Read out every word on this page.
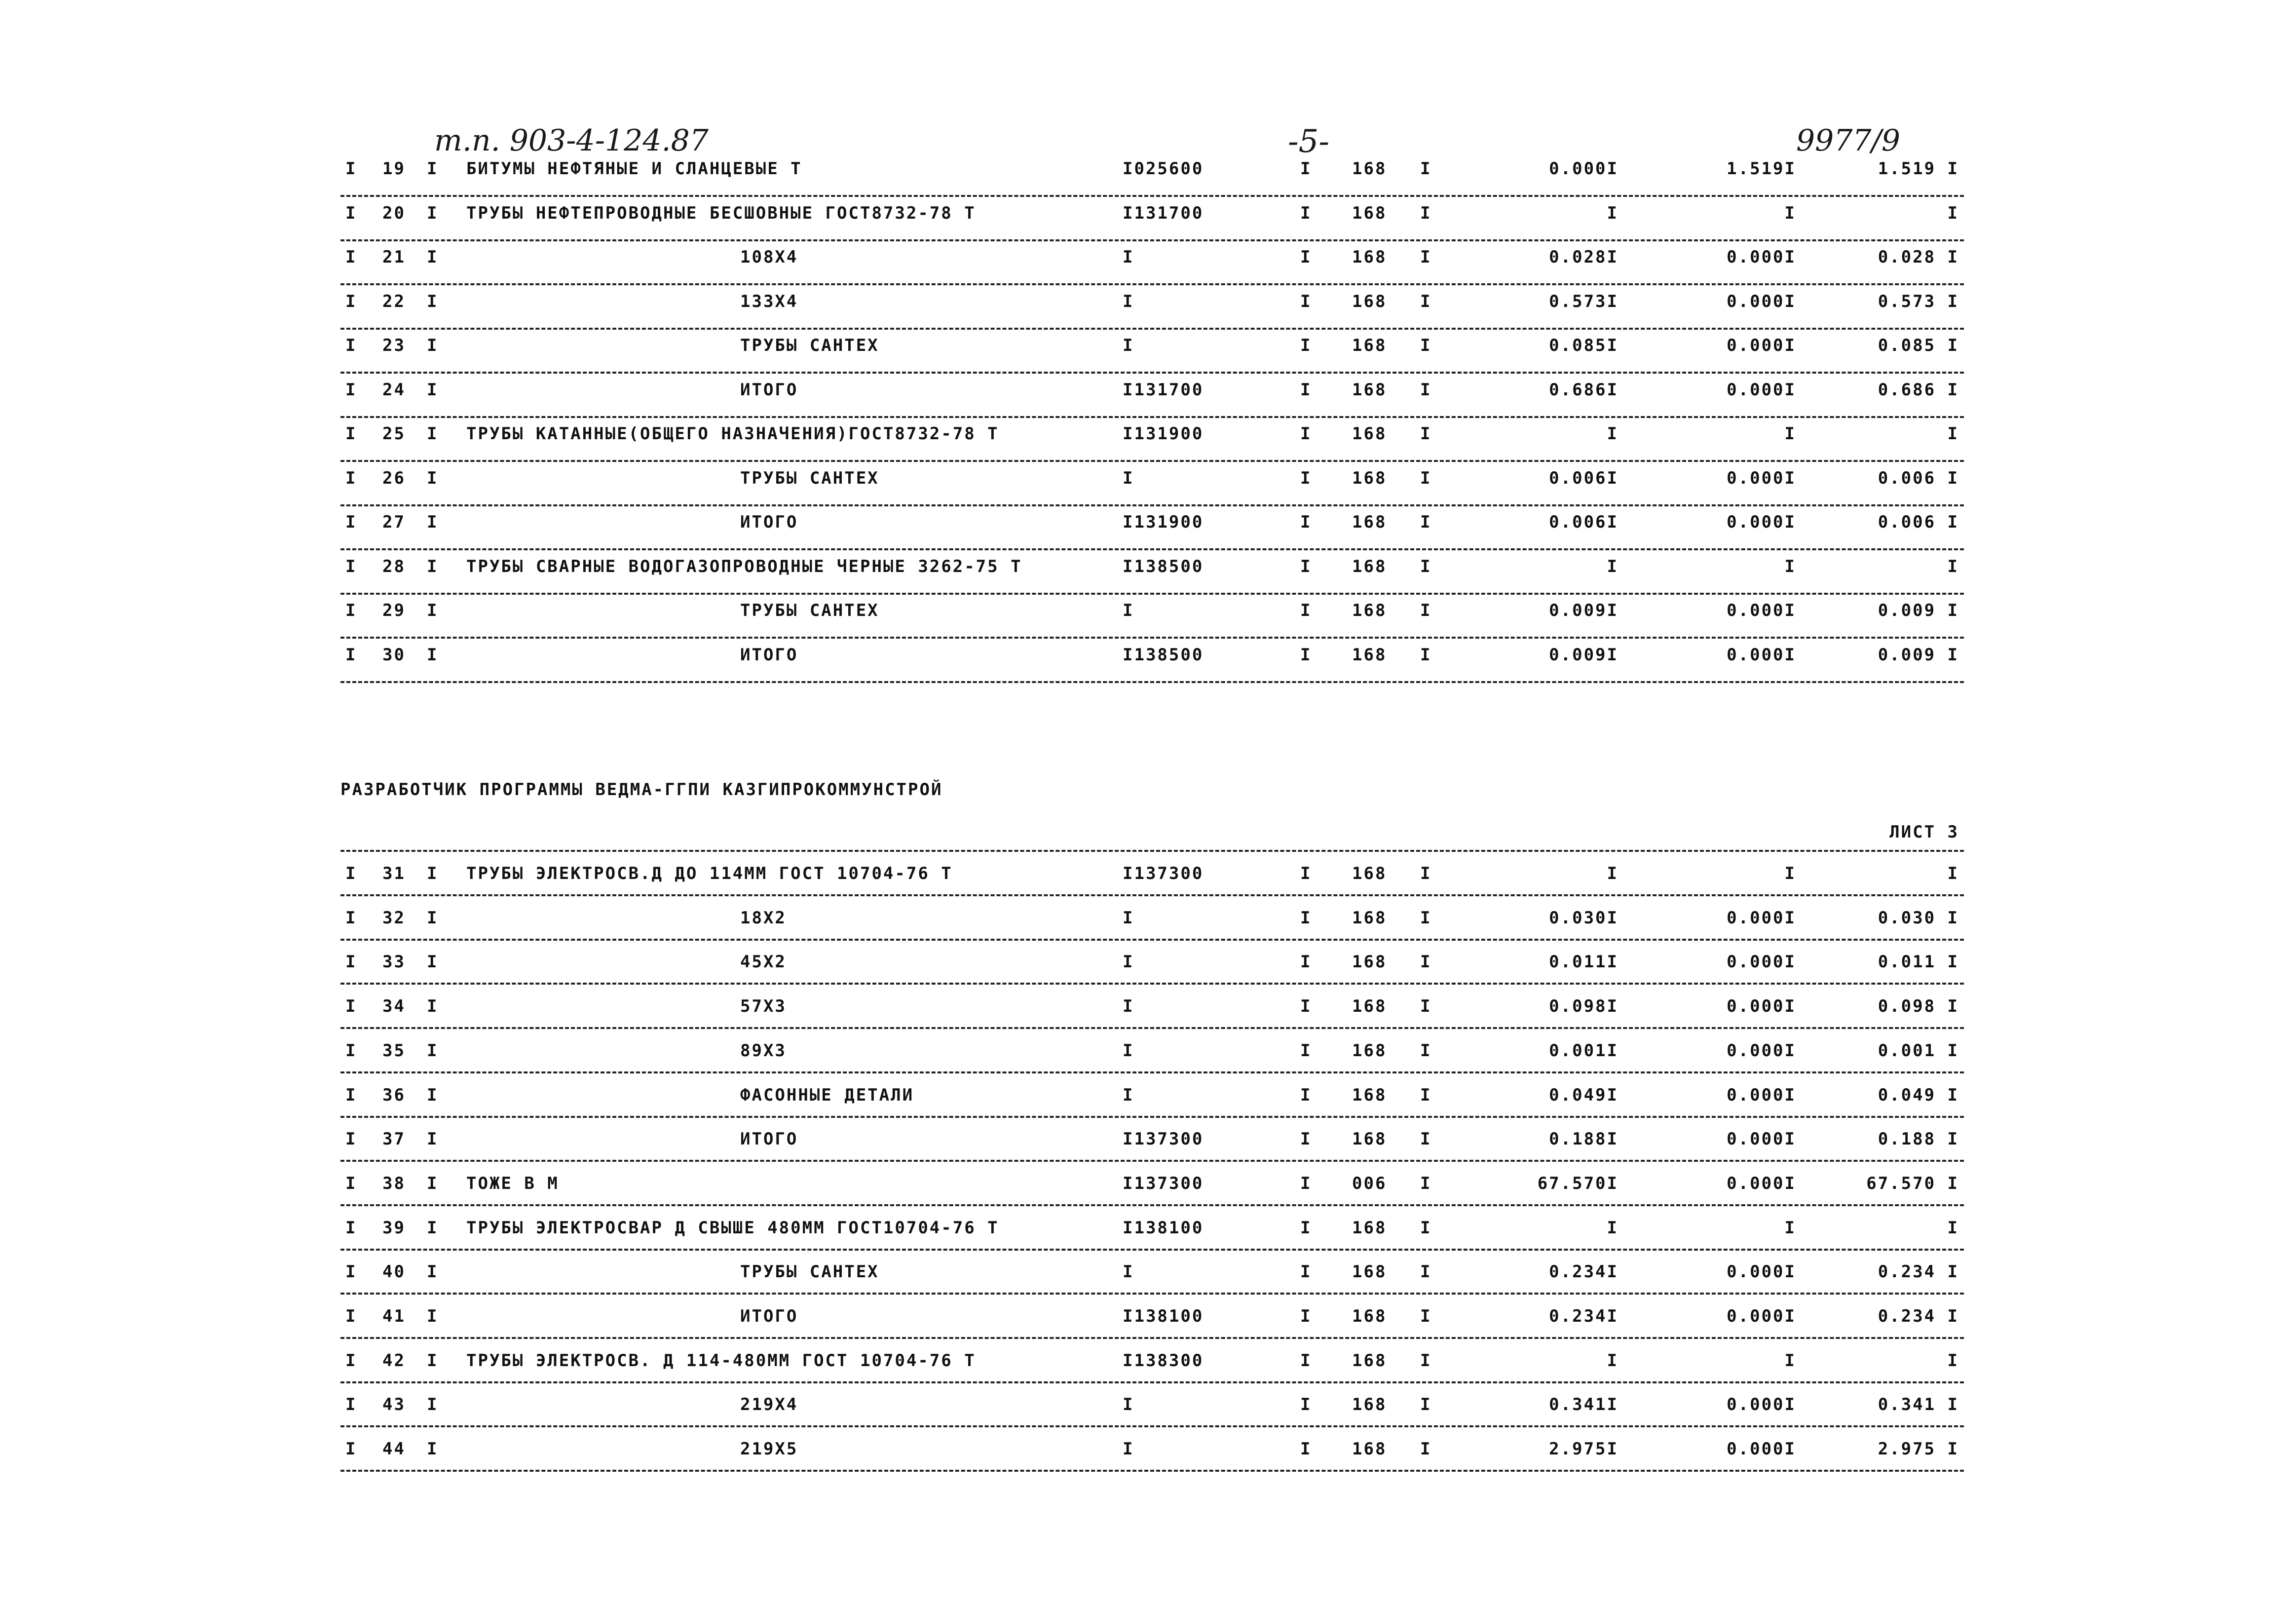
т.п. 903-4-124.87	-5-	9977/9
I 19 I БИТУМЫ НЕФТЯНЫЕ И СЛАНЦЕВЫЕ Т	I025600	I 168 I	0.000I	1.519I	1.519 I
I 20 I ТРУБЫ НЕФТЕПРОВОДНЫЕ БЕСШОВНЫЕ ГОСТ8732-78 Т	I131700	I 168 I	I	I	I
I 21 I	108Х4	I	I 168 I	0.028I	0.000I	0.028 I
I 22 I	133Х4	I	I 168 I	0.573I	0.000I	0.573 I
I 23 I	ТРУБЫ САНТЕХ	I	I 168 I	0.085I	0.000I	0.085 I
I 24 I	ИТОГО	I131700	I 168 I	0.686I	0.000I	0.686 I
I 25 I ТРУБЫ КАТАННЫЕ(ОБЩЕГО НАЗНАЧЕНИЯ)ГОСТ8732-78 Т	I131900	I 168 I	I	I	I
I 26 I	ТРУБЫ САНТЕХ	I	I 168 I	0.006I	0.000I	0.006 I
I 27 I	ИТОГО	I131900	I 168 I	0.006I	0.000I	0.006 I
I 28 I ТРУБЫ СВАРНЫЕ ВОДОГАЗОПРОВОДНЫЕ ЧЕРНЫЕ 3262-75 Т	I138500	I 168 I	I	I	I
I 29 I	ТРУБЫ САНТЕХ	I	I 168 I	0.009I	0.000I	0.009 I
I 30 I	ИТОГО	I138500	I 168 I	0.009I	0.000I	0.009 I
РАЗРАБОТЧИК ПРОГРАММЫ ВЕДМА-ГГПИ КАЗГИПРОКОММУНСТРОЙ
ЛИСТ 3
I 31 I ТРУБЫ ЭЛЕКТРОСВ.Д ДО 114ММ ГОСТ 10704-76 Т	I137300	I 168 I	I	I	I
I 32 I	18Х2	I	I 168 I	0.030I	0.000I	0.030 I
I 33 I	45Х2	I	I 168 I	0.011I	0.000I	0.011 I
I 34 I	57Х3	I	I 168 I	0.098I	0.000I	0.098 I
I 35 I	89Х3	I	I 168 I	0.001I	0.000I	0.001 I
I 36 I	ФАСОННЫЕ ДЕТАЛИ	I	I 168 I	0.049I	0.000I	0.049 I
I 37 I	ИТОГО	I137300	I 168 I	0.188I	0.000I	0.188 I
I 38 I ТОЖЕ В М	I137300	I 006 I	67.570I	0.000I	67.570 I
I 39 I ТРУБЫ ЭЛЕКТРОСВАР Д СВЫШЕ 480ММ ГОСТ10704-76 Т	I138100	I 168 I	I	I	I
I 40 I	ТРУБЫ САНТЕХ	I	I 168 I	0.234I	0.000I	0.234 I
I 41 I	ИТОГО	I138100	I 168 I	0.234I	0.000I	0.234 I
I 42 I ТРУБЫ ЭЛЕКТРОСВ. Д 114-480ММ ГОСТ 10704-76 Т	I138300	I 168 I	I	I	I
I 43 I	219Х4	I	I 168 I	0.341I	0.000I	0.341 I
I 44 I	219Х5	I	I 168 I	2.975I	0.000I	2.975 I
